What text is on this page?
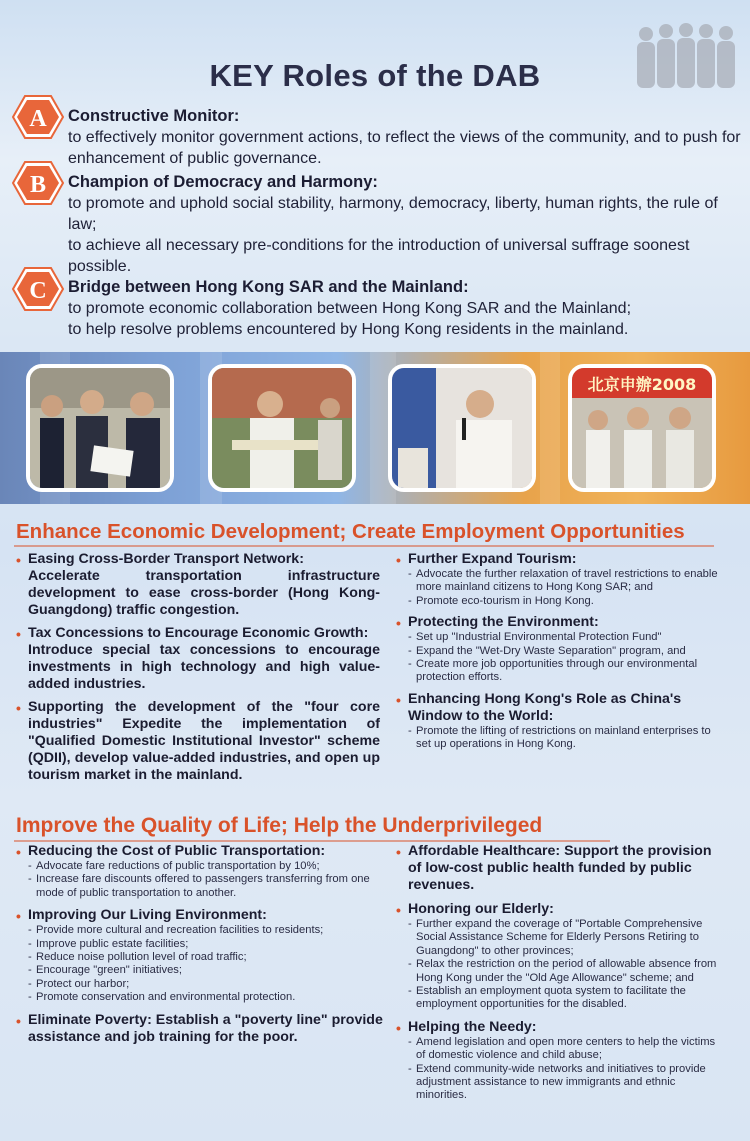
KEY Roles of the DAB
A Constructive Monitor:
to effectively monitor government actions, to reflect the views of the community, and to push for enhancement of public governance.
B Champion of Democracy and Harmony:
to promote and uphold social stability, harmony, democracy, liberty, human rights, the rule of law;
to achieve all necessary pre-conditions for the introduction of universal suffrage soonest possible.
C Bridge between Hong Kong SAR and the Mainland:
to promote economic collaboration between Hong Kong SAR and the Mainland;
to help resolve problems encountered by Hong Kong residents in the mainland.
北京申辦2008
Enhance Economic Development; Create Employment Opportunities
• Easing Cross-Border Transport Network:
Accelerate transportation infrastructure development to ease cross-border (Hong Kong-Guangdong) traffic congestion.
• Tax Concessions to Encourage Economic Growth:
Introduce special tax concessions to encourage investments in high technology and high value-added industries.
• Supporting the development of the "four core industries" Expedite the implementation of "Qualified Domestic Institutional Investor" scheme (QDII), develop value-added industries, and open up tourism market in the mainland.
• Further Expand Tourism:
- Advocate the further relaxation of travel restrictions to enable more mainland citizens to Hong Kong SAR; and
- Promote eco-tourism in Hong Kong.
• Protecting the Environment:
- Set up "Industrial Environmental Protection Fund"
- Expand the "Wet-Dry Waste Separation" program, and
- Create more job opportunities through our environmental protection efforts.
• Enhancing Hong Kong's Role as China's Window to the World:
- Promote the lifting of restrictions on mainland enterprises to set up operations in Hong Kong.
Improve the Quality of Life; Help the Underprivileged
• Reducing the Cost of Public Transportation:
- Advocate fare reductions of public transportation by 10%;
- Increase fare discounts offered to passengers transferring from one mode of public transportation to another.
• Improving Our Living Environment:
- Provide more cultural and recreation facilities to residents;
- Improve public estate facilities;
- Reduce noise pollution level of road traffic;
- Encourage "green" initiatives;
- Protect our harbor;
- Promote conservation and environmental protection.
• Eliminate Poverty: Establish a "poverty line" provide assistance and job training for the poor.
• Affordable Healthcare: Support the provision of low-cost public health funded by public revenues.
• Honoring our Elderly:
- Further expand the coverage of "Portable Comprehensive Social Assistance Scheme for Elderly Persons Retiring to Guangdong" to other provinces;
- Relax the restriction on the period of allowable absence from Hong Kong under the "Old Age Allowance" scheme; and
- Establish an employment quota system to facilitate the employment opportunities for the disabled.
• Helping the Needy:
- Amend legislation and open more centers to help the victims of domestic violence and child abuse;
- Extend community-wide networks and initiatives to provide adjustment assistance to new immigrants and ethnic minorities.
